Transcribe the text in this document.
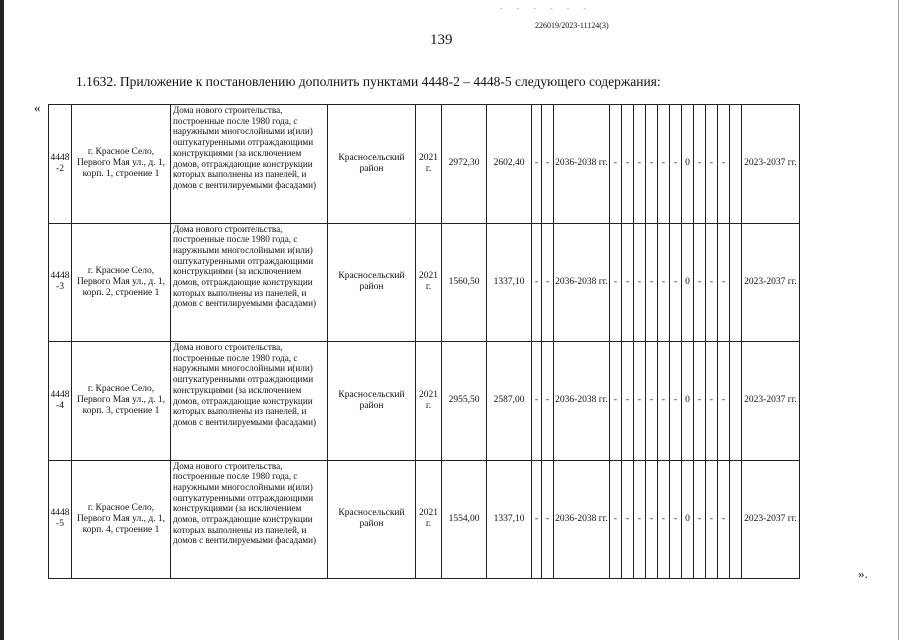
- - - - - -
139
226019/2023-11124(3)
1.1632. Приложение к постановлению дополнить пунктами 4448-2 – 4448-5 следующего содержания:
«
».
4448 -2	г. Красное Село, Первого Мая ул., д. 1, корп. 1, строение 1	Дома нового строительства, построенные после 1980 года, с наружными многослойными и(или) оштукатуренными отграждающими конструкциями (за исключением домов, отграждающие конструкции которых выполнены из панелей, и домов с вентилируемыми фасадами)	Красносельский район	2021 г.	2972,30	2602,40	-	-	2036-2038 гг.	-	-	-	-	-	-	0	-	-	-		2023-2037 гг.
4448 -3	г. Красное Село, Первого Мая ул., д. 1, корп. 2, строение 1	Дома нового строительства, построенные после 1980 года, с наружными многослойными и(или) оштукатуренными отграждающими конструкциями (за исключением домов, отграждающие конструкции которых выполнены из панелей, и домов с вентилируемыми фасадами)	Красносельский район	2021 г.	1560,50	1337,10	-	-	2036-2038 гг.	-	-	-	-	-	-	0	-	-	-		2023-2037 гг.
4448 -4	г. Красное Село, Первого Мая ул., д. 1, корп. 3, строение 1	Дома нового строительства, построенные после 1980 года, с наружными многослойными и(или) оштукатуренными отграждающими конструкциями (за исключением домов, отграждающие конструкции которых выполнены из панелей, и домов с вентилируемыми фасадами)	Красносельский район	2021 г.	2955,50	2587,00	-	-	2036-2038 гг.	-	-	-	-	-	-	0	-	-	-		2023-2037 гг.
4448 -5	г. Красное Село, Первого Мая ул., д. 1, корп. 4, строение 1	Дома нового строительства, построенные после 1980 года, с наружными многослойными и(или) оштукатуренными отграждающими конструкциями (за исключением домов, отграждающие конструкции которых выполнены из панелей, и домов с вентилируемыми фасадами)	Красносельский район	2021 г.	1554,00	1337,10	-	-	2036-2038 гг.	-	-	-	-	-	-	0	-	-	-		2023-2037 гг.
